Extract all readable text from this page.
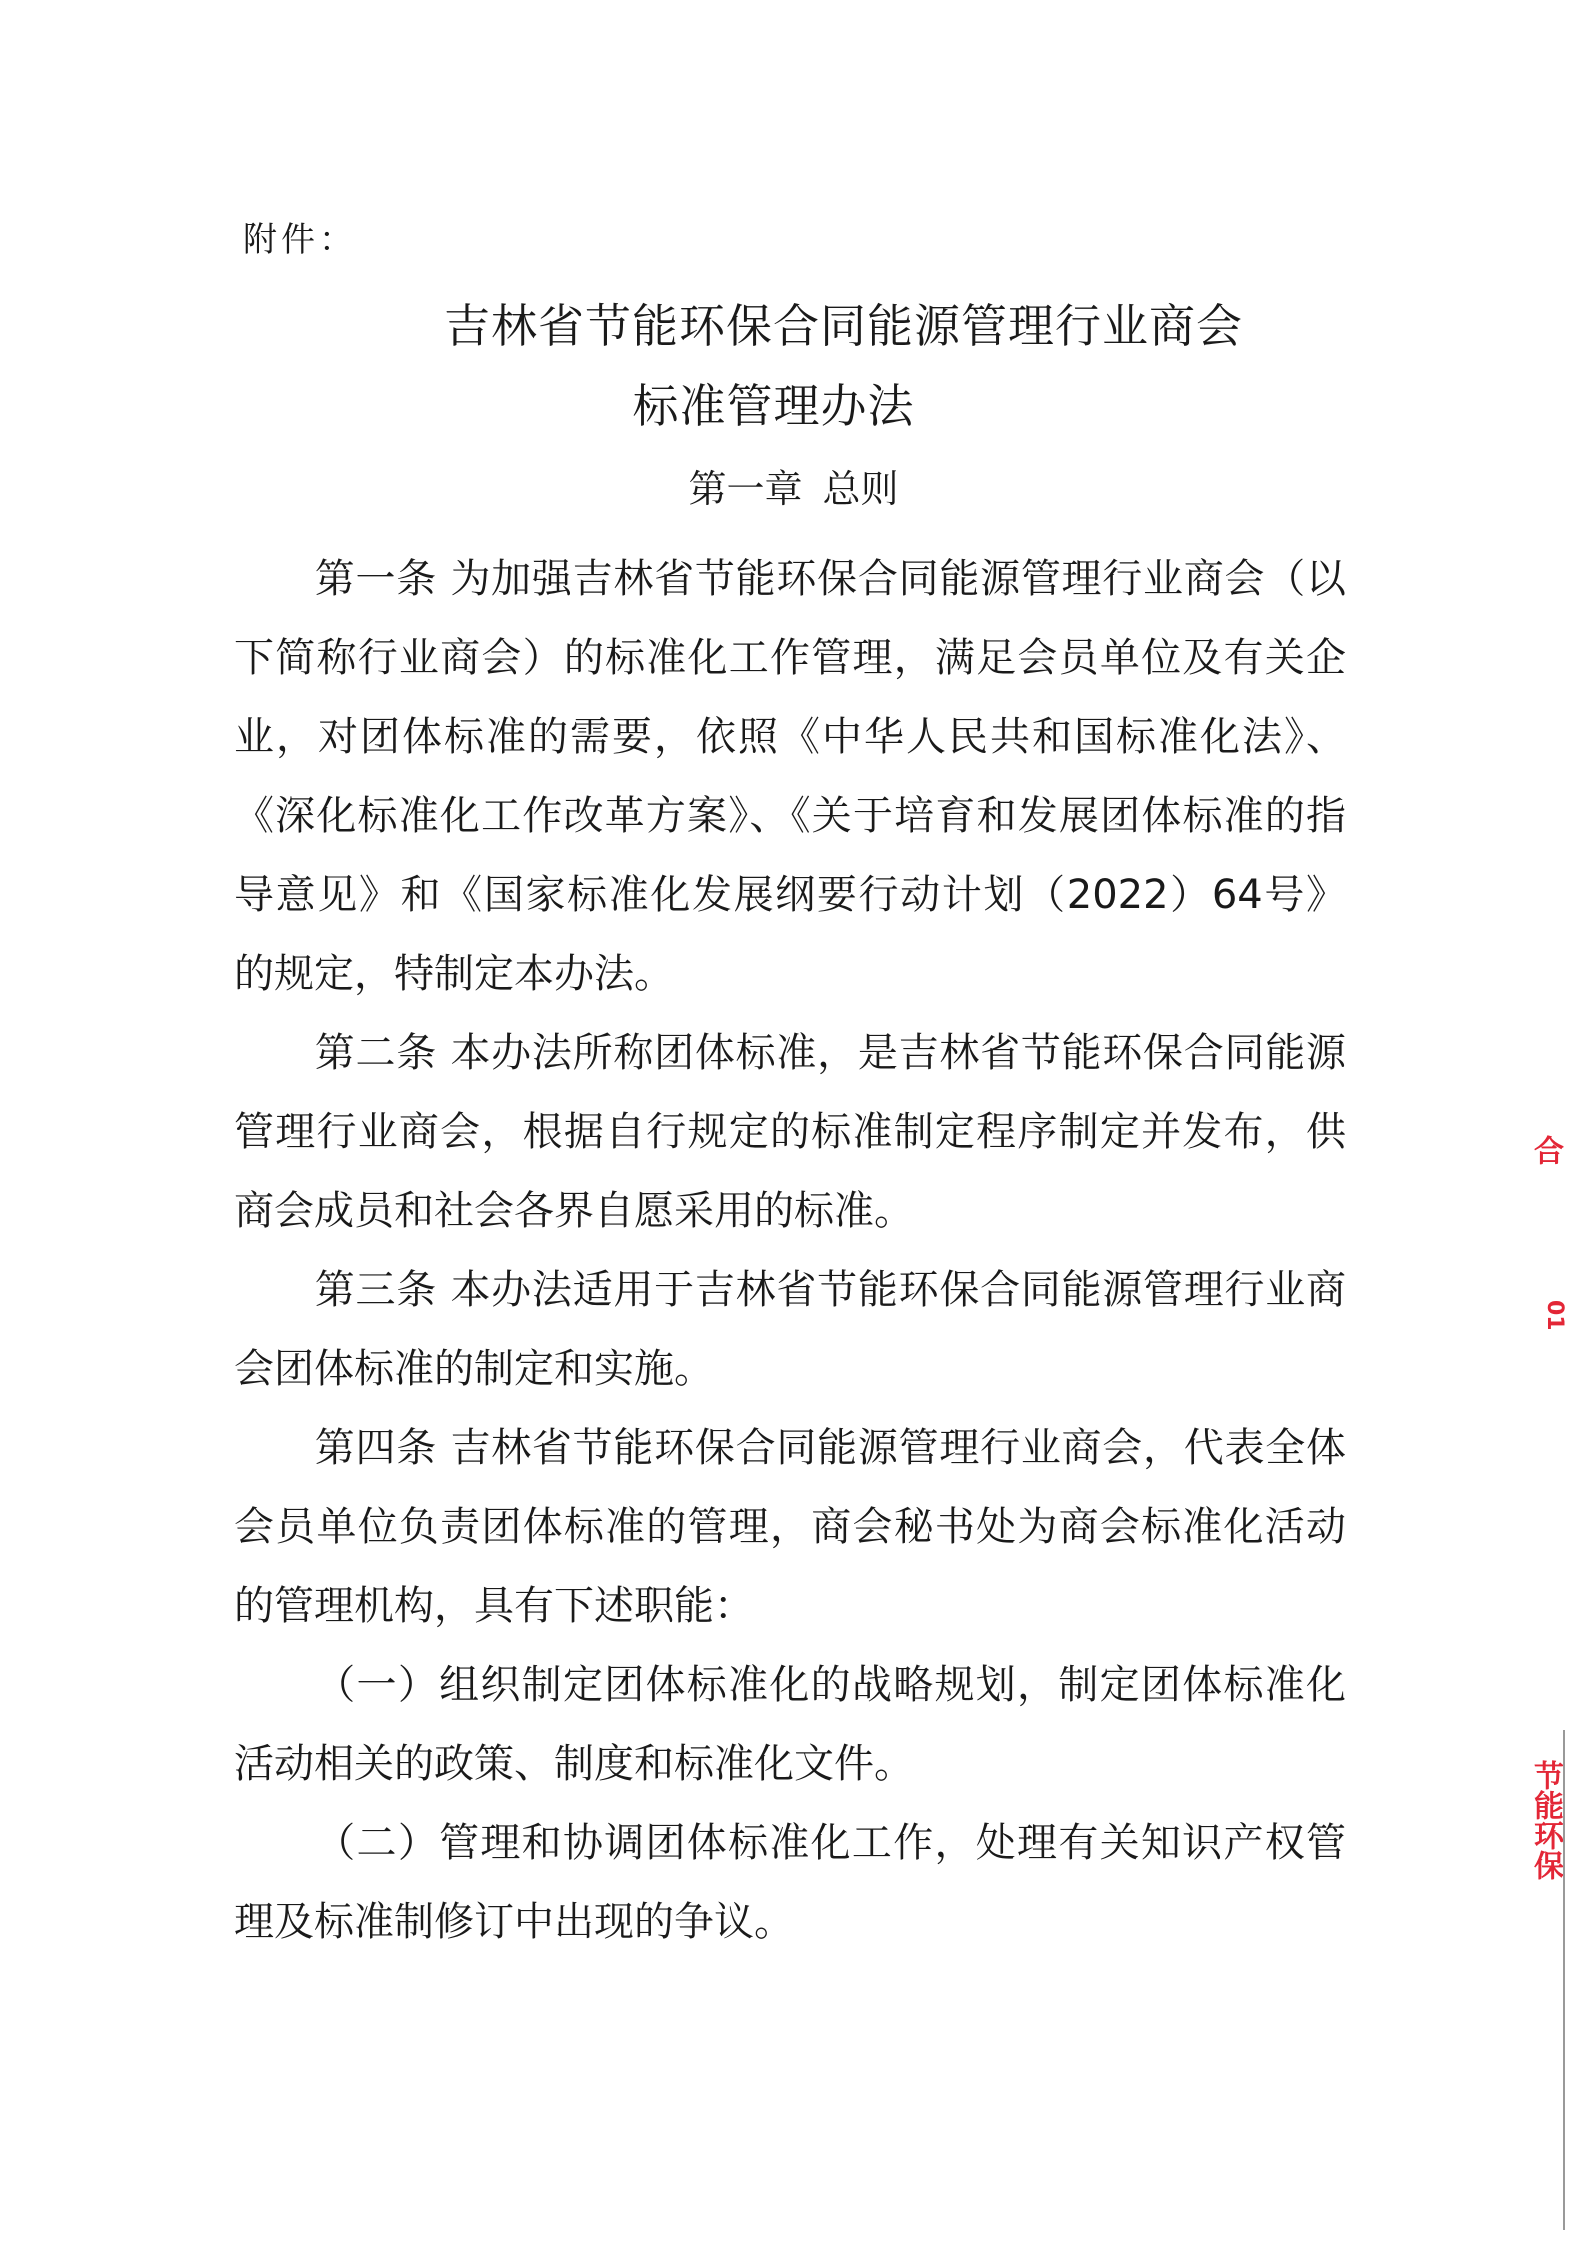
附件：
吉林省节能环保合同能源管理行业商会
标准管理办法
第一章 总则

第一条 为加强吉林省节能环保合同能源管理行业商会（以下简称行业商会）的标准化工作管理，满足会员单位及有关企业，对团体标准的需要，依照《中华人民共和国标准化法》、《深化标准化工作改革方案》、《关于培育和发展团体标准的指导意见》和《国家标准化发展纲要行动计划（2022）64号》的规定，特制定本办法。

第二条 本办法所称团体标准，是吉林省节能环保合同能源管理行业商会，根据自行规定的标准制定程序制定并发布，供商会成员和社会各界自愿采用的标准。

第三条 本办法适用于吉林省节能环保合同能源管理行业商会团体标准的制定和实施。

第四条 吉林省节能环保合同能源管理行业商会，代表全体会员单位负责团体标准的管理，商会秘书处为商会标准化活动的管理机构，具有下述职能：

（一）组织制定团体标准化的战略规划，制定团体标准化活动相关的政策、制度和标准化文件。

（二）管理和协调团体标准化工作，处理有关知识产权管理及标准制修订中出现的争议。

合
01
节能环保
